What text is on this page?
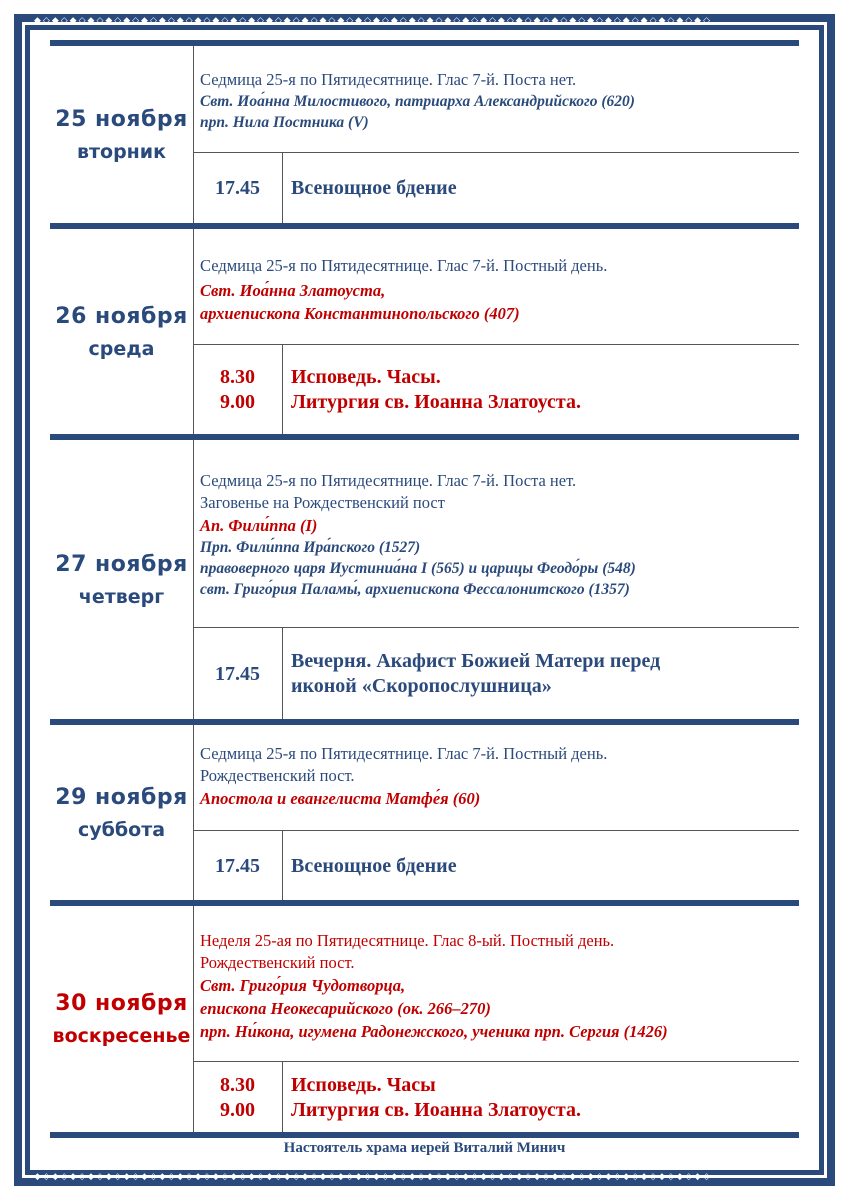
◆◇◆◇◆◇◆◇◆◇◆◇◆◇◆◇◆◇◆◇◆◇◆◇◆◇◆◇◆◇◆◇◆◇◆◇◆◇◆◇◆◇◆◇◆◇◆◇◆◇◆◇◆◇◆◇◆◇◆◇◆◇◆◇◆◇◆◇◆◇◆◇◆◇◆◇
◆◇◆◇◆◇◆◇◆◇◆◇◆◇◆◇◆◇◆◇◆◇◆◇◆◇◆◇◆◇◆◇◆◇◆◇◆◇◆◇◆◇◆◇◆◇◆◇◆◇◆◇◆◇◆◇◆◇◆◇◆◇◆◇◆◇◆◇◆◇◆◇◆◇◆◇
25 ноября
вторник
Седмица 25-я по Пятидесятнице. Глас 7-й. Поста нет.
Свт. Иоа́нна Милостивого, патриарха Александрийского (620)
прп. Нила Постника (V)
17.45 Всенощное бдение
26 ноября
среда
Седмица 25-я по Пятидесятнице. Глас 7-й. Постный день.
Свт. Иоа́нна Златоуста,
архиепископа Константинопольского (407)
8.30
9.00
Исповедь. Часы.
Литургия св. Иоанна Златоуста.
27 ноября
четверг
Седмица 25-я по Пятидесятнице. Глас 7-й. Поста нет.
Заговенье на Рождественский пост
Ап. Фили́ппа (I)
Прп. Фили́ппа Ира́пского (1527)
правоверного царя Иустиниа́на I (565) и царицы Феодо́ры (548)
свт. Григо́рия Паламы́, архиепископа Фессалонитского (1357)
17.45
Вечерня. Акафист Божией Матери перед
иконой «Скоропослушница»
29 ноября
суббота
Седмица 25-я по Пятидесятнице. Глас 7-й. Постный день.
Рождественский пост.
Апостола и евангелиста Матфе́я (60)
17.45 Всенощное бдение
30 ноября
воскресенье
Неделя 25-ая по Пятидесятнице. Глас 8-ый. Постный день.
Рождественский пост.
Свт. Григо́рия Чудотворца,
епископа Неокесарийского (ок. 266–270)
прп. Ни́кона, игумена Радонежского, ученика прп. Сергия (1426)
8.30
9.00
Исповедь. Часы
Литургия св. Иоанна Златоуста.
Настоятель храма иерей Виталий Минич
